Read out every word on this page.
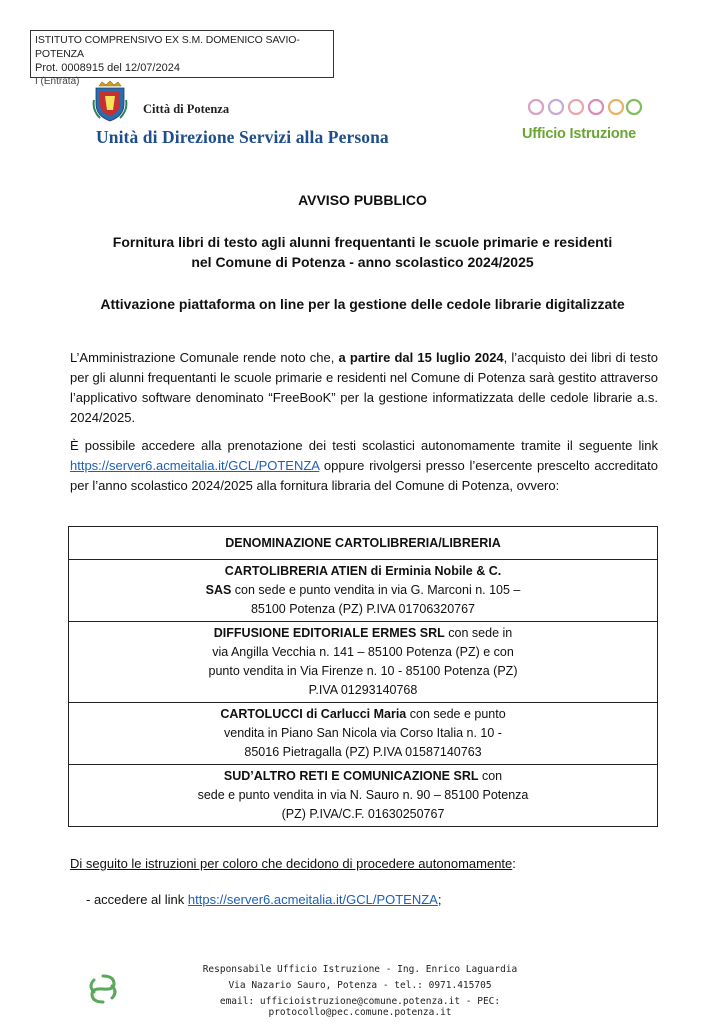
ISTITUTO COMPRENSIVO EX S.M. DOMENICO SAVIO-POTENZA
Prot. 0008915 del 12/07/2024
I (Entrata)
Città di Potenza
Unità di Direzione Servizi alla Persona	Ufficio Istruzione
AVVISO PUBBLICO
Fornitura libri di testo agli alunni frequentanti le scuole primarie e residenti
nel Comune di Potenza - anno scolastico 2024/2025
Attivazione piattaforma on line per la gestione delle cedole librarie digitalizzate
L’Amministrazione Comunale rende noto che, a partire dal 15 luglio 2024, l’acquisto dei libri di testo per gli alunni frequentanti le scuole primarie e residenti nel Comune di Potenza sarà gestito attraverso l’applicativo software denominato “FreeBooK” per la gestione informatizzata delle cedole librarie a.s. 2024/2025.
È possibile accedere alla prenotazione dei testi scolastici autonomamente tramite il seguente link https://server6.acmeitalia.it/GCL/POTENZA oppure rivolgersi presso l’esercente prescelto accreditato per l’anno scolastico 2024/2025 alla fornitura libraria del Comune di Potenza, ovvero:
DENOMINAZIONE CARTOLIBRERIA/LIBRERIA
CARTOLIBRERIA ATIEN di Erminia Nobile & C.
SAS con sede e punto vendita in via G. Marconi n. 105 –
85100 Potenza (PZ) P.IVA 01706320767
DIFFUSIONE EDITORIALE ERMES SRL con sede in
via Angilla Vecchia n. 141 – 85100 Potenza (PZ) e con
punto vendita in Via Firenze n. 10 - 85100 Potenza (PZ)
P.IVA 01293140768
CARTOLUCCI di Carlucci Maria con sede e punto
vendita in Piano San Nicola via Corso Italia n. 10 -
85016 Pietragalla (PZ) P.IVA 01587140763
SUD’ALTRO RETI E COMUNICAZIONE SRL con
sede e punto vendita in via N. Sauro n. 90 – 85100 Potenza
(PZ) P.IVA/C.F. 01630250767
Di seguito le istruzioni per coloro che decidono di procedere autonomamente:
- accedere al link https://server6.acmeitalia.it/GCL/POTENZA;
Responsabile Ufficio Istruzione - Ing. Enrico Laguardia
Via Nazario Sauro, Potenza - tel.: 0971.415705
email: ufficioistruzione@comune.potenza.it - PEC: protocollo@pec.comune.potenza.it
